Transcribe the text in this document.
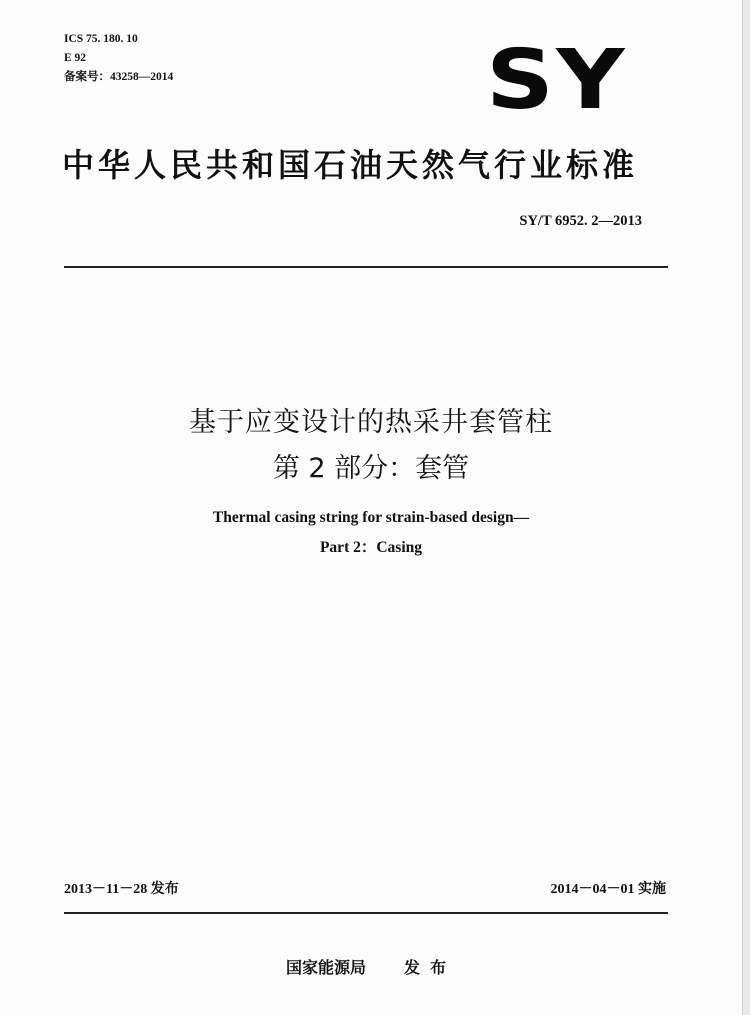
ICS 75. 180. 10
E 92
备案号：43258—2014	SY
中华人民共和国石油天然气行业标准
SY/T 6952. 2—2013
基于应变设计的热采井套管柱
第 2 部分：套管
Thermal casing string for strain-based design—
Part 2：Casing
2013－11－28 发布	2014－04－01 实施
国家能源局 发布
